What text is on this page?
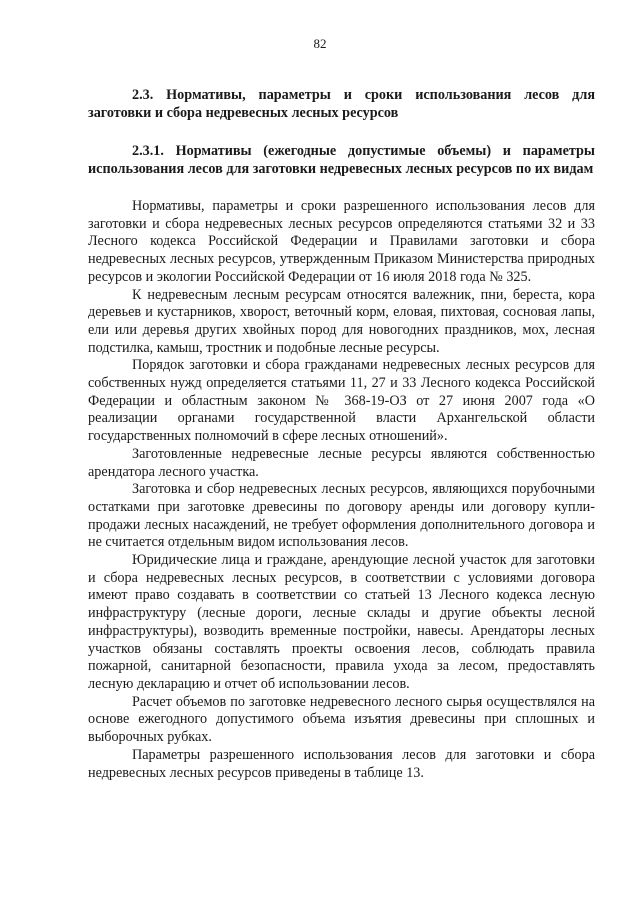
82

2.3. Нормативы, параметры и сроки использования лесов для заготовки и сбора недревесных лесных ресурсов

2.3.1. Нормативы (ежегодные допустимые объемы) и параметры использования лесов для заготовки недревесных лесных ресурсов по их видам

Нормативы, параметры и сроки разрешенного использования лесов для заготовки и сбора недревесных лесных ресурсов определяются статьями 32 и 33 Лесного кодекса Российской Федерации и Правилами заготовки и сбора недревесных лесных ресурсов, утвержденным Приказом Министерства природных ресурсов и экологии Российской Федерации от 16 июля 2018 года № 325.

К недревесным лесным ресурсам относятся валежник, пни, береста, кора деревьев и кустарников, хворост, веточный корм, еловая, пихтовая, сосновая лапы, ели или деревья других хвойных пород для новогодних праздников, мох, лесная подстилка, камыш, тростник и подобные лесные ресурсы.

Порядок заготовки и сбора гражданами недревесных лесных ресурсов для собственных нужд определяется статьями 11, 27 и 33 Лесного кодекса Российской Федерации и областным законом № 368-19-ОЗ от 27 июня 2007 года «О реализации органами государственной власти Архангельской области государственных полномочий в сфере лесных отношений».

Заготовленные недревесные лесные ресурсы являются собственностью арендатора лесного участка.

Заготовка и сбор недревесных лесных ресурсов, являющихся порубочными остатками при заготовке древесины по договору аренды или договору купли-продажи лесных насаждений, не требует оформления дополнительного договора и не считается отдельным видом использования лесов.

Юридические лица и граждане, арендующие лесной участок для заготовки и сбора недревесных лесных ресурсов, в соответствии с условиями договора имеют право создавать в соответствии со статьей 13 Лесного кодекса лесную инфраструктуру (лесные дороги, лесные склады и другие объекты лесной инфраструктуры), возводить временные постройки, навесы. Арендаторы лесных участков обязаны составлять проекты освоения лесов, соблюдать правила пожарной, санитарной безопасности, правила ухода за лесом, предоставлять лесную декларацию и отчет об использовании лесов.

Расчет объемов по заготовке недревесного лесного сырья осуществлялся на основе ежегодного допустимого объема изъятия древесины при сплошных и выборочных рубках.

Параметры разрешенного использования лесов для заготовки и сбора недревесных лесных ресурсов приведены в таблице 13.
